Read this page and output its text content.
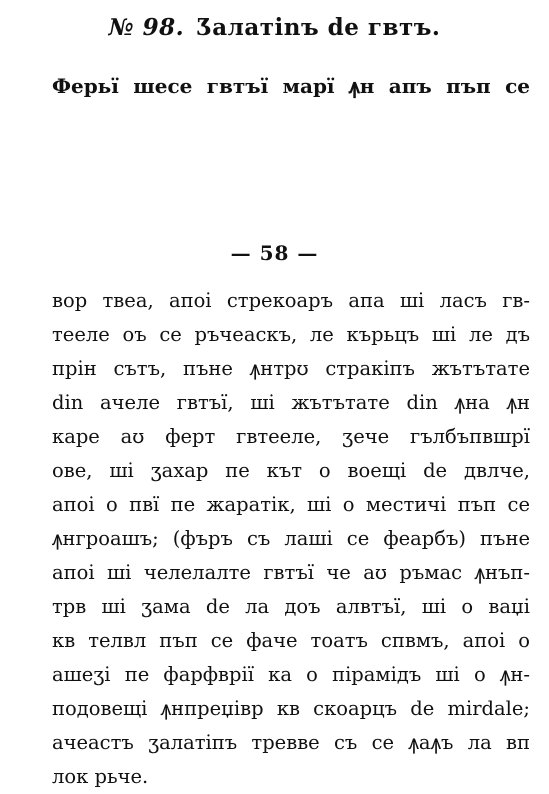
№ 98. Ʒалатinъ de гвтъ.
Ферьї шесе гвтъї марї ꙟн апъ пъп се
— 58 —
вор твеа, апоі стрекоаръ апа шi ласъ гв-
тееле оъ се ръчеаскъ, ле кърьцъ шi ле дъ
прiн сътъ, пъне ꙟнтрʊ стракiпъ жътътате
din ачеле гвтъї, шi жътътате din ꙟна ꙟн
каре аʊ ферт гвтееле, ʒече гълбъпвшрї
ове, шi ʒахар пе кът о воещi de двлче,
апоі о пвї пе жаратiк, шi о местичi пъп се
ꙟнгроашъ; (фъръ съ лашi се феарбъ) пъне
апоі шi челелалте гвтъї че аʊ ръмас ꙟнъп-
трв шi ʒама de ла доъ алвтъї, шi о ваџi
кв телвл пъп се фаче тоатъ спвмъ, апоі о
ашеʒi пе фарфврiї ка о пiрамiдъ шi о ꙟн-
подовещi ꙟнпреџiвр кв скоарцъ de mirdale;
ачеастъ ʒалатiпъ тревве съ се ꙟаꙟъ ла вп
лок рьче.
